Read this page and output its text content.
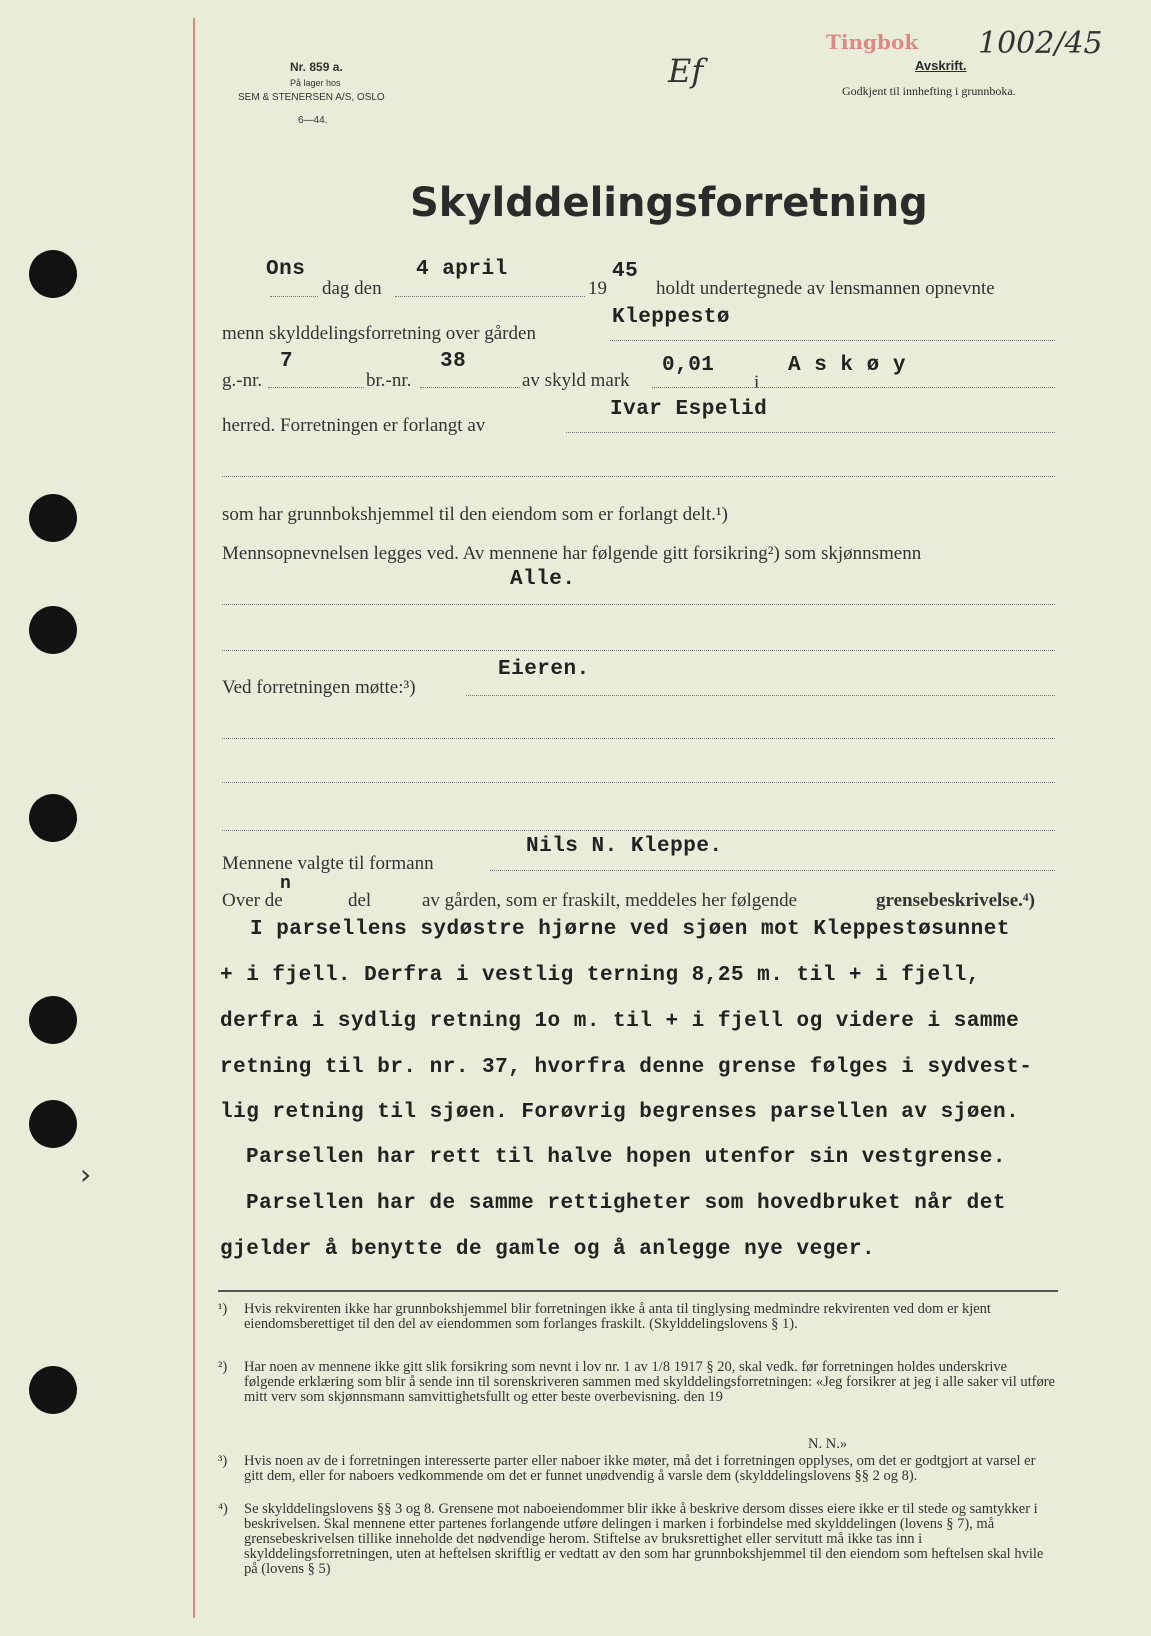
›
Nr. 859 a.
På lager hos
SEM & STENERSEN A/S, OSLO
6—44.
Ef
Tingbok 1002/45
Avskrift.
Godkjent til innhefting i grunnboka.
Skylddelingsforretning
Ons
dag den
4 april
19
45
holdt undertegnede av lensmannen opnevnte
menn skylddelingsforretning over gården
Kleppestø
g.-nr.
7
br.-nr.
38
av skyld mark
0,01
i
A s k ø y
herred. Forretningen er forlangt av
Ivar Espelid
som har grunnbokshjemmel til den eiendom som er forlangt delt.¹)
Mennsopnevnelsen legges ved. Av mennene har følgende gitt forsikring²) som skjønnsmenn
Alle.
Ved forretningen møtte:³)
Eieren.
Mennene valgte til formann
Nils N. Kleppe.
Over de
n
del	av gården, som er fraskilt, meddeles her følgende	grensebeskrivelse.⁴)
I parsellens sydøstre hjørne ved sjøen mot Kleppestøsunnet
+ i fjell. Derfra i vestlig terning 8,25 m. til + i fjell,
derfra i sydlig retning 1o m. til + i fjell og videre i samme
retning til br. nr. 37, hvorfra denne grense følges i sydvest-
lig retning til sjøen. Forøvrig begrenses parsellen av sjøen.
Parsellen har rett til halve hopen utenfor sin vestgrense.
Parsellen har de samme rettigheter som hovedbruket når det
gjelder å benytte de gamle og å anlegge nye veger.
¹) Hvis rekvirenten ikke har grunnbokshjemmel blir forretningen ikke å anta til tinglysing medmindre rekvirenten ved dom er kjent eiendomsberettiget til den del av eiendommen som forlanges fraskilt. (Skylddelingslovens § 1).
²) Har noen av mennene ikke gitt slik forsikring som nevnt i lov nr. 1 av 1/8 1917 § 20, skal vedk. før forretningen holdes underskrive følgende erklæring som blir å sende inn til sorenskriveren sammen med skylddelingsforretningen: «Jeg forsikrer at jeg i alle saker vil utføre mitt verv som skjønnsmann samvittighetsfullt og etter beste overbevisning. den 19
N. N.»
³) Hvis noen av de i forretningen interesserte parter eller naboer ikke møter, må det i forretningen opplyses, om det er godtgjort at varsel er gitt dem, eller for naboers vedkommende om det er funnet unødvendig å varsle dem (skylddelingslovens §§ 2 og 8).
⁴) Se skylddelingslovens §§ 3 og 8. Grensene mot naboeiendommer blir ikke å beskrive dersom disses eiere ikke er til stede og samtykker i beskrivelsen. Skal mennene etter partenes forlangende utføre delingen i marken i forbindelse med skylddelingen (lovens § 7), må grensebeskrivelsen tillike inneholde det nødvendige herom. Stiftelse av bruksrettighet eller servitutt må ikke tas inn i skylddelingsforretningen, uten at heftelsen skriftlig er vedtatt av den som har grunnbokshjemmel til den eiendom som heftelsen skal hvile på (lovens § 5)
